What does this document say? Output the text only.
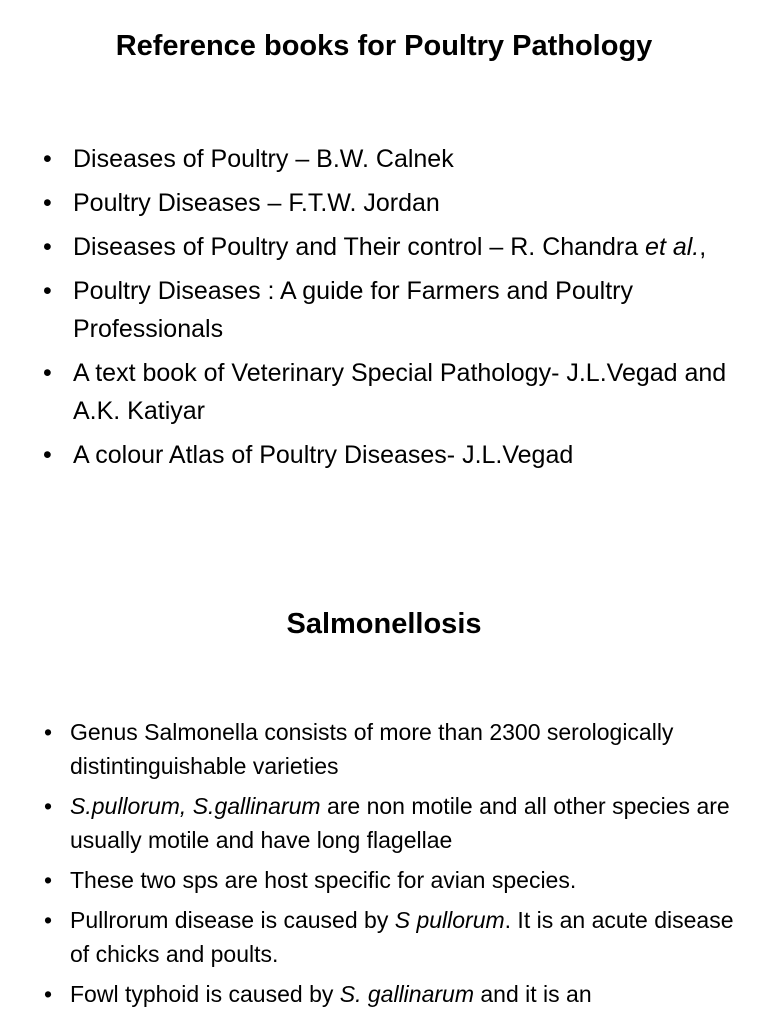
Reference books for Poultry Pathology
• Diseases of Poultry – B.W. Calnek
• Poultry Diseases – F.T.W. Jordan
• Diseases of Poultry and Their control – R. Chandra et al.,
• Poultry Diseases : A guide for Farmers and Poultry Professionals
• A text book of Veterinary Special Pathology- J.L.Vegad and A.K. Katiyar
• A colour Atlas of Poultry Diseases- J.L.Vegad
Salmonellosis
• Genus Salmonella consists of more than 2300 serologically distintinguishable varieties
• S.pullorum, S.gallinarum are non motile and all other species are usually motile and have long flagellae
• These two sps are host specific for avian species.
• Pullrorum disease is caused by S pullorum. It is an acute disease of chicks and poults.
• Fowl typhoid is caused by S. gallinarum and it is an
